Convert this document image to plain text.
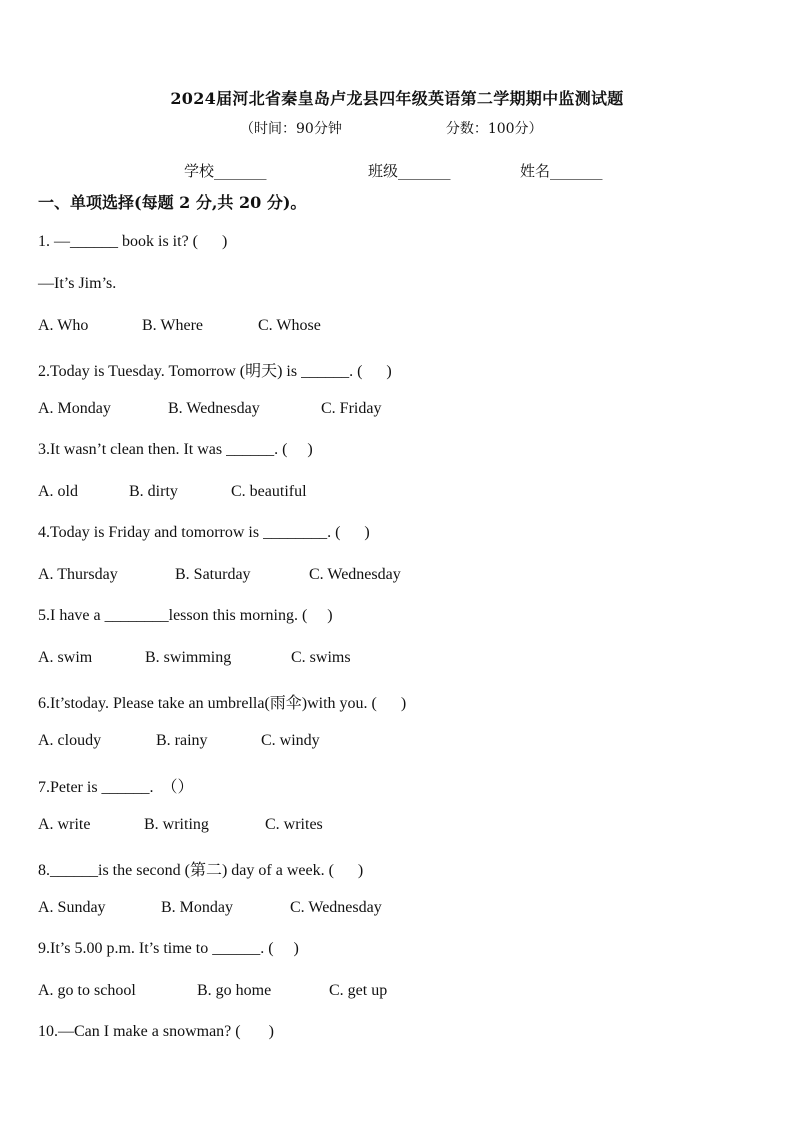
2024届河北省秦皇岛卢龙县四年级英语第二学期期中监测试题
（时间：90分钟	分数：100分）
学校_______	班级_______	姓名_______
一、单项选择(每题 2 分,共 20 分)。
1. —______ book is it? (      )
—It’s Jim’s.
A. Who	B. Where	C. Whose
2.Today is Tuesday. Tomorrow (明天) is ______. (      )
A. Monday	B. Wednesday	C. Friday
3.It wasn’t clean then. It was ______. (     )
A. old	B. dirty	C. beautiful
4.Today is Friday and tomorrow is ________. (      )
A. Thursday	B. Saturday	C. Wednesday
5.I have a ________lesson this morning. (     )
A. swim	B. swimming	C. swims
6.It’stoday. Please take an umbrella(雨伞)with you. (      )
A. cloudy	B. rainy	C. windy
7.Peter is ______.  （）
A. write	B. writing	C. writes
8.______is the second (第二) day of a week. (      )
A. Sunday	B. Monday	C. Wednesday
9.It’s 5.00 p.m. It’s time to ______. (     )
A. go to school	B. go home	C. get up
10.—Can I make a snowman? (       )
